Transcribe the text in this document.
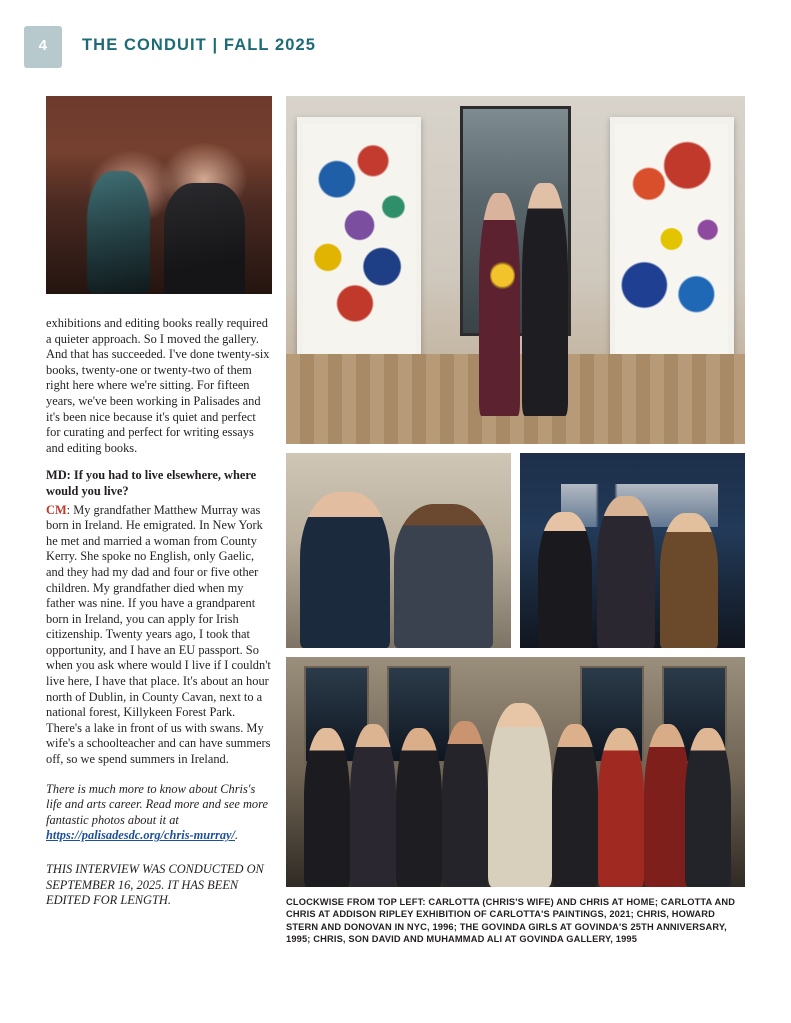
4	THE CONDUIT | FALL 2025

exhibitions and editing books really required a quieter approach. So I moved the gallery. And that has succeeded. I've done twenty-six books, twenty-one or twenty-two of them right here where we're sitting. For fifteen years, we've been working in Palisades and it's been nice because it's quiet and perfect for curating and perfect for writing essays and editing books.

MD: If you had to live elsewhere, where would you live?

CM: My grandfather Matthew Murray was born in Ireland. He emigrated. In New York he met and married a woman from County Kerry. She spoke no English, only Gaelic, and they had my dad and four or five other children. My grandfather died when my father was nine. If you have a grandparent born in Ireland, you can apply for Irish citizenship. Twenty years ago, I took that opportunity, and I have an EU passport. So when you ask where would I live if I couldn't live here, I have that place. It's about an hour north of Dublin, in County Cavan, next to a national forest, Killykeen Forest Park. There's a lake in front of us with swans. My wife's a schoolteacher and can have summers off, so we spend summers in Ireland.

There is much more to know about Chris's life and arts career. Read more and see more fantastic photos about it at https://palisadesdc.org/chris-murray/.

THIS INTERVIEW WAS CONDUCTED ON SEPTEMBER 16, 2025. IT HAS BEEN EDITED FOR LENGTH.	CLOCKWISE FROM TOP LEFT: CARLOTTA (CHRIS'S WIFE) AND CHRIS AT HOME; CARLOTTA AND CHRIS AT ADDISON RIPLEY EXHIBITION OF CARLOTTA'S PAINTINGS, 2021; CHRIS, HOWARD STERN AND DONOVAN IN NYC, 1996; THE GOVINDA GIRLS AT GOVINDA'S 25TH ANNIVERSARY, 1995; CHRIS, SON DAVID AND MUHAMMAD ALI AT GOVINDA GALLERY, 1995
